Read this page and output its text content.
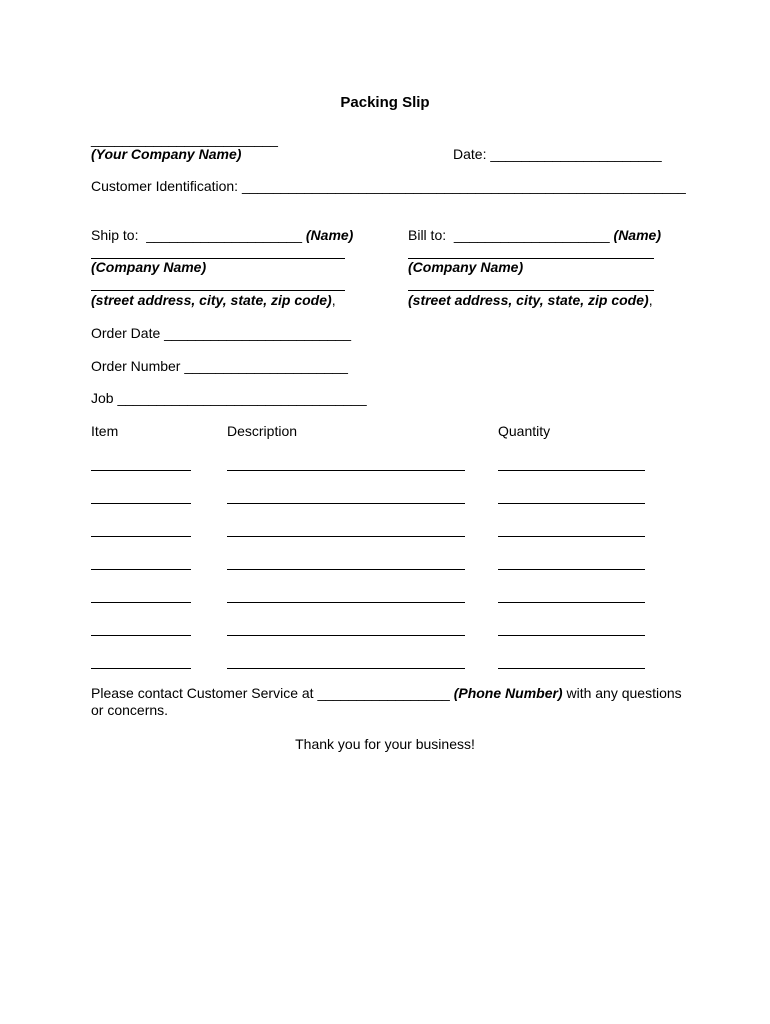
Packing Slip
________________________
(Your Company Name)	Date: ______________________
Customer Identification: _________________________________________________________
Ship to: ____________________ (Name)
(Company Name)
(street address, city, state, zip code),
Bill to: ____________________ (Name)
(Company Name)
(street address, city, state, zip code),
Order Date ________________________
Order Number _____________________
Job ________________________________
Item	Description	Quantity
Please contact Customer Service at _________________ (Phone Number) with any questions
or concerns.
Thank you for your business!
